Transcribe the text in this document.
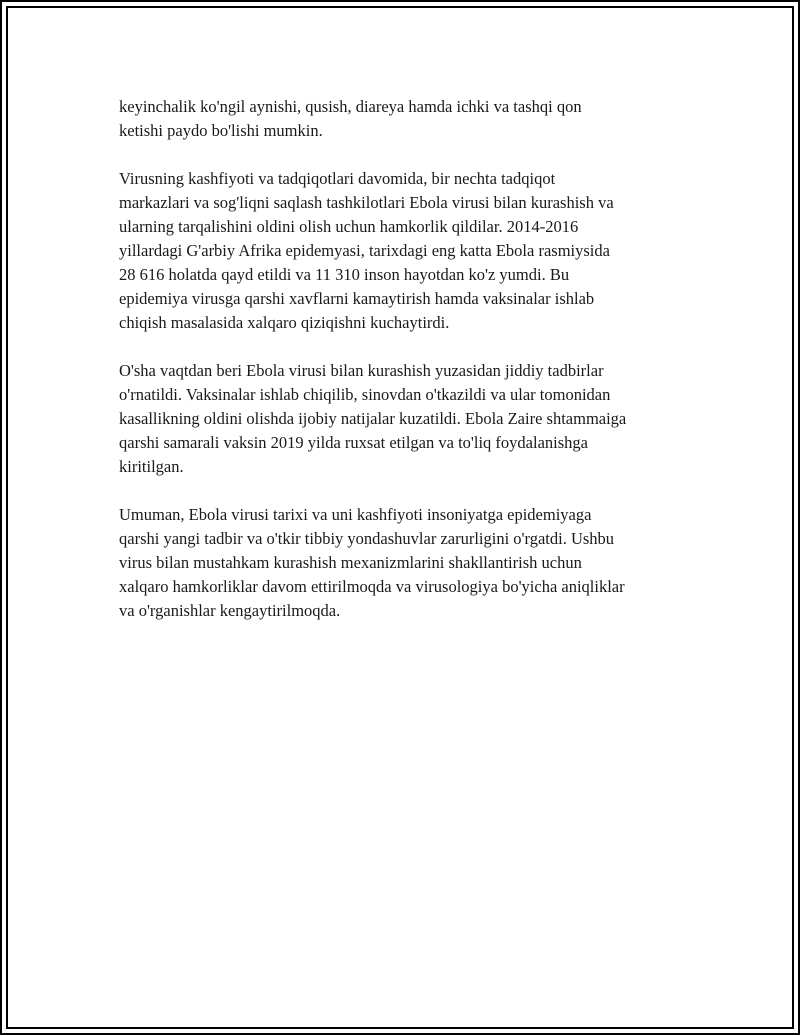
keyinchalik ko'ngil aynishi, qusish, diareya hamda ichki va tashqi qon
ketishi paydo bo'lishi mumkin.

Virusning kashfiyoti va tadqiqotlari davomida, bir nechta tadqiqot
markazlari va sog'liqni saqlash tashkilotlari Ebola virusi bilan kurashish va
ularning tarqalishini oldini olish uchun hamkorlik qildilar. 2014-2016
yillardagi G'arbiy Afrika epidemyasi, tarixdagi eng katta Ebola rasmiysida
28 616 holatda qayd etildi va 11 310 inson hayotdan ko'z yumdi. Bu
epidemiya virusga qarshi xavflarni kamaytirish hamda vaksinalar ishlab
chiqish masalasida xalqaro qiziqishni kuchaytirdi.

O'sha vaqtdan beri Ebola virusi bilan kurashish yuzasidan jiddiy tadbirlar
o'rnatildi. Vaksinalar ishlab chiqilib, sinovdan o'tkazildi va ular tomonidan
kasallikning oldini olishda ijobiy natijalar kuzatildi. Ebola Zaire shtammaiga
qarshi samarali vaksin 2019 yilda ruxsat etilgan va to'liq foydalanishga
kiritilgan.

Umuman, Ebola virusi tarixi va uni kashfiyoti insoniyatga epidemiyaga
qarshi yangi tadbir va o'tkir tibbiy yondashuvlar zarurligini o'rgatdi. Ushbu
virus bilan mustahkam kurashish mexanizmlarini shakllantirish uchun
xalqaro hamkorliklar davom ettirilmoqda va virusologiya bo'yicha aniqliklar
va o'rganishlar kengaytirilmoqda.
